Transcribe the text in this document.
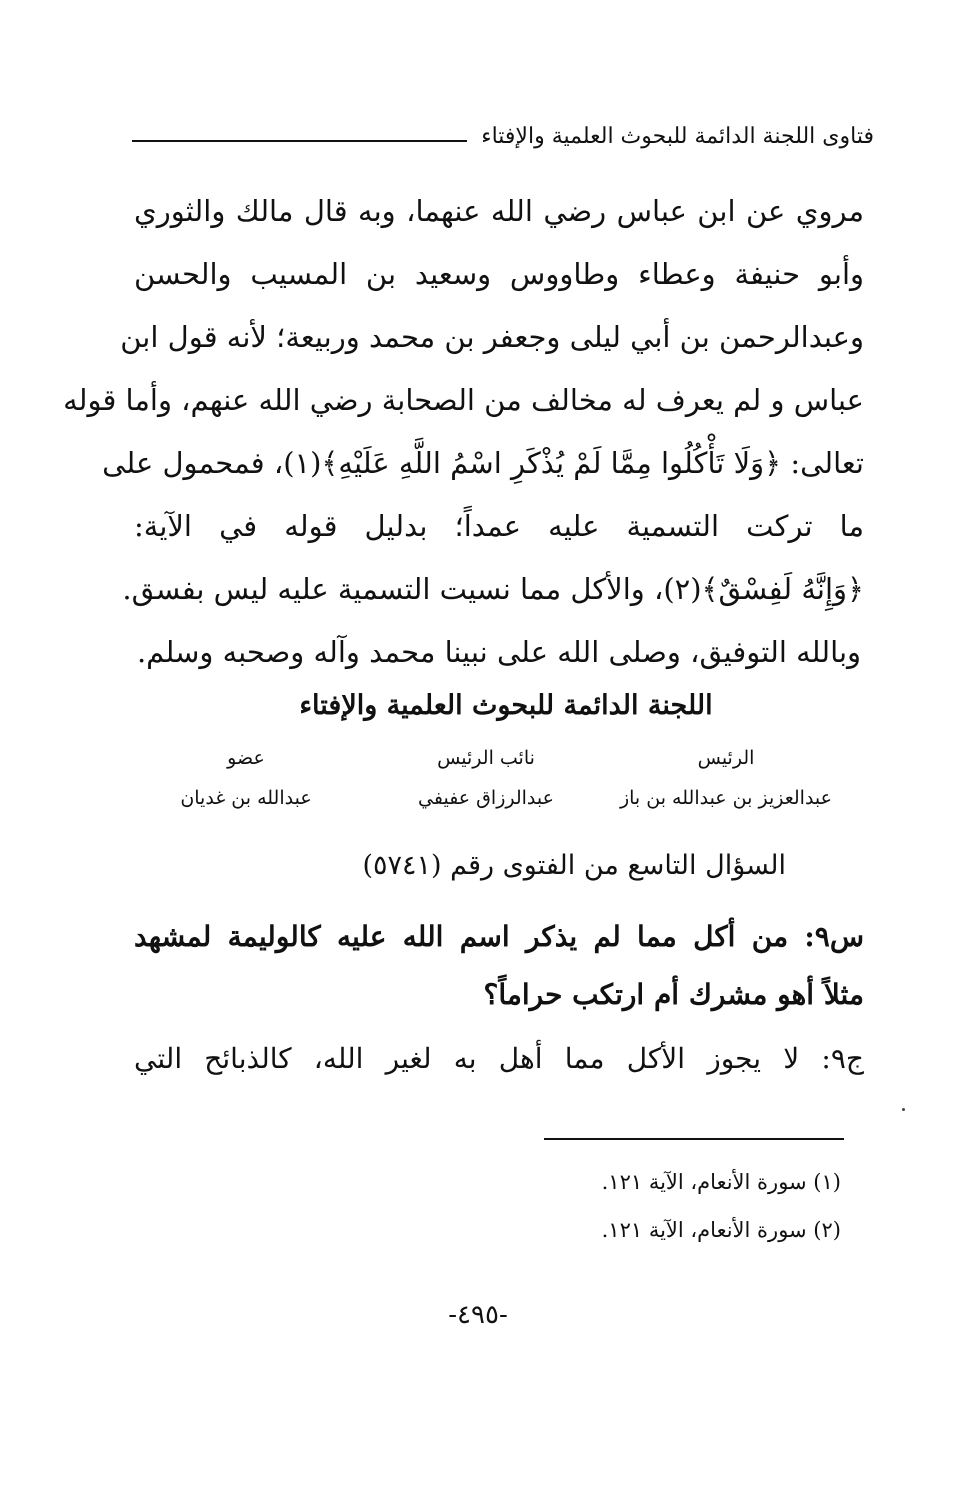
فتاوى اللجنة الدائمة للبحوث العلمية والإفتاء
مروي عن ابن عباس رضي الله عنهما، وبه قال مالك والثوري
وأبو حنيفة وعطاء وطاووس وسعيد بن المسيب والحسن
وعبدالرحمن بن أبي ليلى وجعفر بن محمد وربيعة؛ لأنه قول ابن
عباس و لم يعرف له مخالف من الصحابة رضي الله عنهم، وأما قوله
تعالى: ﴿وَلَا تَأْكُلُوا مِمَّا لَمْ يُذْكَرِ اسْمُ اللَّهِ عَلَيْهِ﴾(١)، فمحمول على
ما تركت التسمية عليه عمداً؛ بدليل قوله في الآية:
﴿وَإِنَّهُ لَفِسْقٌ﴾(٢)، والأكل مما نسيت التسمية عليه ليس بفسق.
وبالله التوفيق، وصلى الله على نبينا محمد وآله وصحبه وسلم.
اللجنة الدائمة للبحوث العلمية والإفتاء
الرئيس
عبدالعزيز بن عبدالله بن باز
نائب الرئيس
عبدالرزاق عفيفي
عضو
عبدالله بن غديان
السؤال التاسع من الفتوى رقم (٥٧٤١)
س٩: من أكل مما لم يذكر اسم الله عليه كالوليمة لمشهد
مثلاً أهو مشرك أم ارتكب حراماً؟
ج٩: لا يجوز الأكل مما أهل به لغير الله، كالذبائح التي
(١) سورة الأنعام، الآية ١٢١.
(٢) سورة الأنعام، الآية ١٢١.
-٤٩٥-
